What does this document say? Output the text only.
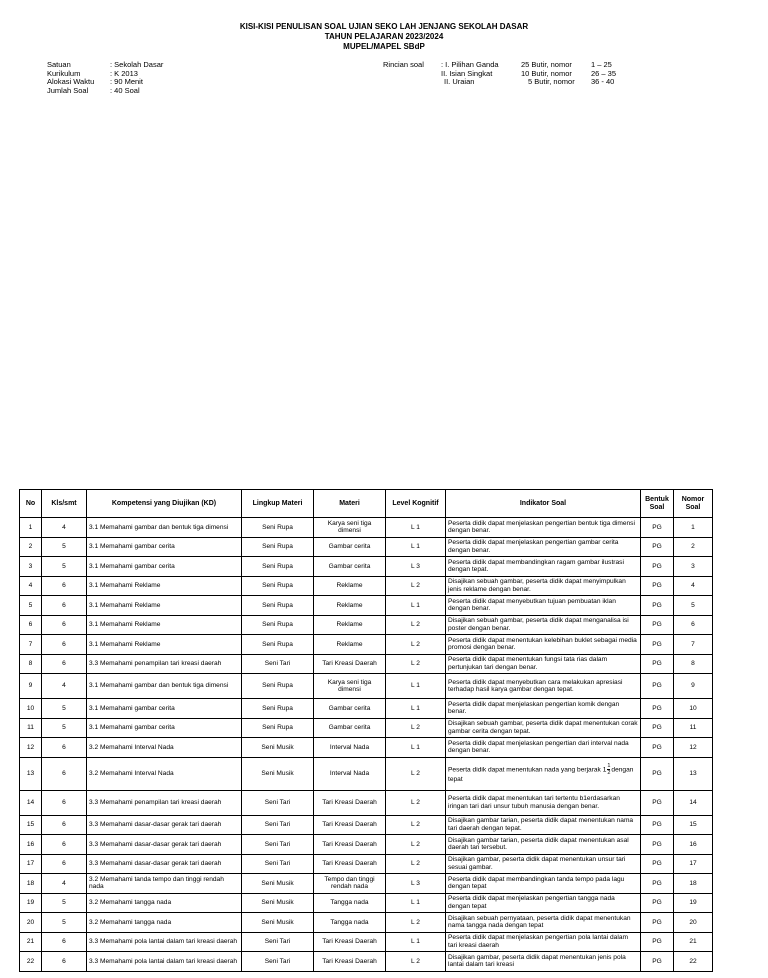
KISI-KISI PENULISAN SOAL UJIAN SEKO LAH JENJANG SEKOLAH DASAR
TAHUN PELAJARAN 2023/2024
MUPEL/MAPEL SBdP
Satuan	: Sekolah Dasar
Kurikulum	: K 2013
Alokasi Waktu	: 90 Menit
Jumlah Soal	: 40 Soal
Rincian soal	: I. Pilihan Ganda	25 Butir, nomor	1 – 25
II. Isian Singkat	10 Butir, nomor	26 – 35
II. Uraian	5 Butir, nomor	36 - 40
No	Kls/smt	Kompetensi yang Diujikan (KD)	Lingkup Materi	Materi	Level Kognitif	Indikator Soal	Bentuk Soal	Nomor Soal
1	4	3.1 Memahami gambar dan bentuk tiga dimensi	Seni Rupa	Karya seni tiga dimensi	L 1	Peserta didik dapat menjelaskan pengertian bentuk tiga dimensi dengan benar.	PG	1
2	5	3.1 Memahami gambar cerita	Seni Rupa	Gambar cerita	L 1	Peserta didik dapat menjelaskan pengertian gambar cerita dengan benar.	PG	2
3	5	3.1 Memahami gambar cerita	Seni Rupa	Gambar cerita	L 3	Peserta didik dapat membandingkan ragam gambar ilustrasi dengan tepat.	PG	3
4	6	3.1 Memahami Reklame	Seni Rupa	Reklame	L 2	Disajikan sebuah gambar, peserta didik dapat menyimpulkan jenis reklame dengan benar.	PG	4
5	6	3.1 Memahami Reklame	Seni Rupa	Reklame	L 1	Peserta didik dapat menyebutkan tujuan pembuatan iklan dengan benar.	PG	5
6	6	3.1 Memahami Reklame	Seni Rupa	Reklame	L 2	Disajikan sebuah gambar, peserta didik dapat menganalisa isi poster dengan benar.	PG	6
7	6	3.1 Memahami Reklame	Seni Rupa	Reklame	L 2	Peserta didik dapat menentukan kelebihan buklet sebagai media promosi dengan benar.	PG	7
8	6	3.3 Memahami penampilan tari kreasi daerah	Seni Tari	Tari Kreasi Daerah	L 2	Peserta didik dapat menentukan fungsi tata rias dalam pertunjukan tari dengan benar.	PG	8
9	4	3.1 Memahami gambar dan bentuk tiga dimensi	Seni Rupa	Karya seni tiga dimensi	L 1	Peserta didik dapat menyebutkan cara melakukan apresiasi terhadap hasil karya gambar dengan tepat.	PG	9
10	5	3.1 Memahami gambar cerita	Seni Rupa	Gambar cerita	L 1	Peserta didik dapat menjelaskan pengertian komik dengan benar.	PG	10
11	5	3.1 Memahami gambar cerita	Seni Rupa	Gambar cerita	L 2	Disajikan sebuah gambar, peserta didik dapat menentukan corak gambar cerita dengan tepat.	PG	11
12	6	3.2 Memahami Interval Nada	Seni Musik	Interval Nada	L 1	Peserta didik dapat menjelaskan pengertian dari interval nada dengan benar.	PG	12
13	6	3.2 Memahami Interval Nada	Seni Musik	Interval Nada	L 2	Peserta didik dapat menentukan nada yang berjarak $1 \frac{1}{2}$ dengan tepat	PG	13
14	6	3.3 Memahami penampilan tari kreasi daerah	Seni Tari	Tari Kreasi Daerah	L 2	Peserta didik dapat menentukan tari tertentu b1erdasarkan iringan tari dari unsur tubuh manusia dengan benar.	PG	14
15	6	3.3 Memahami dasar-dasar gerak tari daerah	Seni Tari	Tari Kreasi Daerah	L 2	Disajikan gambar tarian, peserta didik dapat menentukan nama tari daerah dengan tepat.	PG	15
16	6	3.3 Memahami dasar-dasar gerak tari daerah	Seni Tari	Tari Kreasi Daerah	L 2	Disajikan gambar tarian, peserta didik dapat menentukan asal daerah tari tersebut.	PG	16
17	6	3.3 Memahami dasar-dasar gerak tari daerah	Seni Tari	Tari Kreasi Daerah	L 2	Disajikan gambar, peserta didik dapat menentukan unsur tari sesuai gambar.	PG	17
18	4	3.2 Memahami tanda tempo dan tinggi rendah nada	Seni Musik	Tempo dan tinggi rendah nada	L 3	Peserta didik dapat membandingkan tanda tempo pada lagu dengan tepat	PG	18
19	5	3.2 Memahami tangga nada	Seni Musik	Tangga nada	L 1	Peserta didik dapat menjelaskan pengertian tangga nada dengan tepat	PG	19
20	5	3.2 Memahami tangga nada	Seni Musik	Tangga nada	L 2	Disajikan sebuah pernyataan, peserta didik dapat menentukan nama tangga nada dengan tepat	PG	20
21	6	3.3 Memahami pola lantai dalam tari kreasi daerah	Seni Tari	Tari Kreasi Daerah	L 1	Peserta didik dapat menjelaskan pengertian pola lantai dalam tari kreasi daerah	PG	21
22	6	3.3 Memahami pola lantai dalam tari kreasi daerah	Seni Tari	Tari Kreasi Daerah	L 2	Disajikan gambar, peserta didik dapat menentukan jenis pola lantai dalam tari kreasi	PG	22
